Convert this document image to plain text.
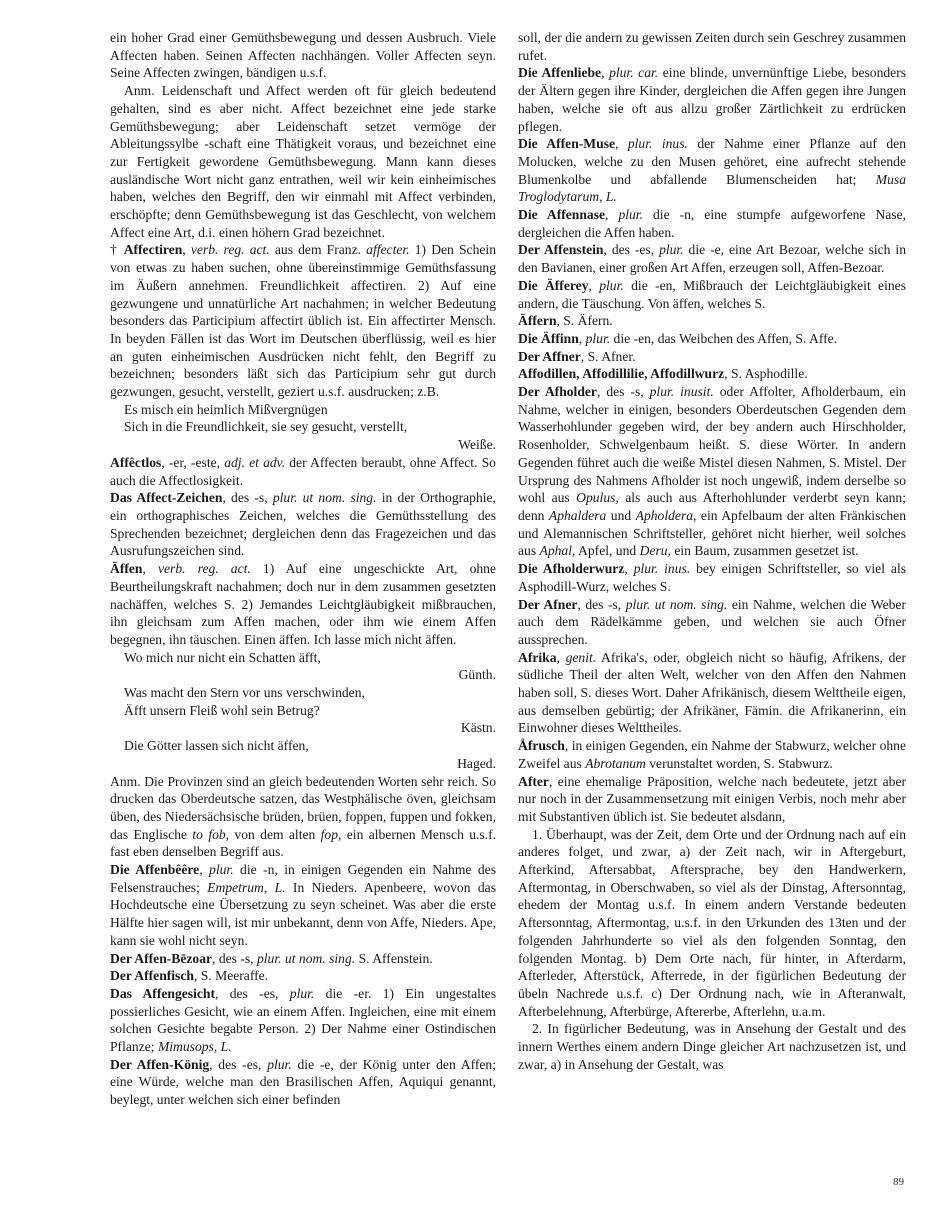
ein hoher Grad einer Gemüthsbewegung und dessen Ausbruch. Viele Affecten haben. Seinen Affecten nachhängen. Voller Affecten seyn. Seine Affecten zwingen, bändigen u.s.f.
Anm. Leidenschaft und Affect werden oft für gleich bedeutend gehalten, sind es aber nicht. Affect bezeichnet eine jede starke Gemüthsbewegung; aber Leidenschaft setzet vermöge der Ableitungssylbe -schaft eine Thätigkeit voraus, und bezeichnet eine zur Fertigkeit gewordene Gemüthsbewegung. Mann kann dieses ausländische Wort nicht ganz entrathen, weil wir kein einheimisches haben, welches den Begriff, den wir einmahl mit Affect verbinden, erschöpfte; denn Gemüthsbewegung ist das Geschlecht, von welchem Affect eine Art, d.i. einen höhern Grad bezeichnet.
† Affectiren, verb. reg. act. aus dem Franz. affecter. 1) Den Schein von etwas zu haben suchen, ohne übereinstimmige Gemüthsfassung im Äußern annehmen. Freundlichkeit affectiren. 2) Auf eine gezwungene und unnatürliche Art nachahmen; in welcher Bedeutung besonders das Participium affectirt üblich ist. Ein affectirter Mensch. In beyden Fällen ist das Wort im Deutschen überflüssig, weil es hier an guten einheimischen Ausdrücken nicht fehlt, den Begriff zu bezeichnen; besonders läßt sich das Participium sehr gut durch gezwungen, gesucht, verstellt, geziert u.s.f. ausdrucken; z.B.
Es misch ein heimlich Mißvergnügen
Sich in die Freundlichkeit, sie sey gesucht, verstellt,
Weiße.
Affêctlos, -er, -este, adj. et adv. der Affecten beraubt, ohne Affect. So auch die Affectlosigkeit.
Das Affect-Zeichen, des -s, plur. ut nom. sing. in der Orthographie, ein orthographisches Zeichen, welches die Gemüthsstellung des Sprechenden bezeichnet; dergleichen denn das Fragezeichen und das Ausrufungszeichen sind.
Äffen, verb. reg. act. 1) Auf eine ungeschickte Art, ohne Beurtheilungskraft nachahmen; doch nur in dem zusammen gesetzten nachäffen, welches S. 2) Jemandes Leichtgläubigkeit mißbrauchen, ihn gleichsam zum Affen machen, oder ihm wie einem Affen begegnen, ihn täuschen. Einen äffen. Ich lasse mich nicht äffen.
Wo mich nur nicht ein Schatten äfft,
Günth.
Was macht den Stern vor uns verschwinden,
Äfft unsern Fleiß wohl sein Betrug?
Kästn.
Die Götter lassen sich nicht äffen,
Haged.
Anm. Die Provinzen sind an gleich bedeutenden Worten sehr reich. So drucken das Oberdeutsche satzen, das Westphälische öven, gleichsam üben, des Niedersächsische brüden, brüen, foppen, fuppen und fokken, das Englische to fob, von dem alten fop, ein albernen Mensch u.s.f. fast eben denselben Begriff aus.
Die Affenbêêre, plur. die -n, in einigen Gegenden ein Nahme des Felsenstrauches; Empetrum, L. In Nieders. Apenbeere, wovon das Hochdeutsche eine Übersetzung zu seyn scheinet. Was aber die erste Hälfte hier sagen will, ist mir unbekannt, denn von Affe, Nieders. Ape, kann sie wohl nicht seyn.
Der Affen-Bēzoar, des -s, plur. ut nom. sing. S. Affenstein.
Der Affenfisch, S. Meeraffe.
Das Affengesicht, des -es, plur. die -er. 1) Ein ungestaltes possierliches Gesicht, wie an einem Affen. Ingleichen, eine mit einem solchen Gesichte begabte Person. 2) Der Nahme einer Ostindischen Pflanze; Mimusops, L.
Der Affen-König, des -es, plur. die -e, der König unter den Affen; eine Würde, welche man den Brasilischen Affen, Aquiqui genannt, beylegt, unter welchen sich einer befinden
soll, der die andern zu gewissen Zeiten durch sein Geschrey zusammen rufet.
Die Affenliebe, plur. car. eine blinde, unvernünftige Liebe, besonders der Ältern gegen ihre Kinder, dergleichen die Affen gegen ihre Jungen haben, welche sie oft aus allzu großer Zärtlichkeit zu erdrücken pflegen.
Die Affen-Muse, plur. inus. der Nahme einer Pflanze auf den Molucken, welche zu den Musen gehöret, eine aufrecht stehende Blumenkolbe und abfallende Blumenscheiden hat; Musa Troglodytarum, L.
Die Affennase, plur. die -n, eine stumpfe aufgeworfene Nase, dergleichen die Affen haben.
Der Affenstein, des -es, plur. die -e, eine Art Bezoar, welche sich in den Bavianen, einer großen Art Affen, erzeugen soll, Affen-Bezoar.
Die Äfferey, plur. die -en, Mißbrauch der Leichtgläubigkeit eines andern, die Täuschung. Von äffen, welches S.
Äffern, S. Äfern.
Die Äffinn, plur. die -en, das Weibchen des Affen, S. Affe.
Der Affner, S. Afner.
Affodillen, Affodillilie, Affodillwurz, S. Asphodille.
Der Afholder, des -s, plur. inusit. oder Affolter, Afholderbaum, ein Nahme, welcher in einigen, besonders Oberdeutschen Gegenden dem Wasserhohlunder gegeben wird, der bey andern auch Hirschholder, Rosenholder, Schwelgenbaum heißt. S. diese Wörter. In andern Gegenden führet auch die weiße Mistel diesen Nahmen, S. Mistel. Der Ursprung des Nahmens Afholder ist noch ungewiß, indem derselbe so wohl aus Opulus, als auch aus Afterhohlunder verderbt seyn kann; denn Aphaldera und Apholdera, ein Apfelbaum der alten Fränkischen und Alemannischen Schriftsteller, gehöret nicht hierher, weil solches aus Aphal, Apfel, und Deru, ein Baum, zusammen gesetzet ist.
Die Afholderwurz, plur. inus. bey einigen Schriftsteller, so viel als Asphodill-Wurz, welches S.
Der Afner, des -s, plur. ut nom. sing. ein Nahme, welchen die Weber auch dem Rädelkämme geben, und welchen sie auch Öfner aussprechen.
Afrika, genit. Afrika's, oder, obgleich nicht so häufig, Afrikens, der südliche Theil der alten Welt, welcher von den Affen den Nahmen haben soll, S. dieses Wort. Daher Afrikänisch, diesem Welttheile eigen, aus demselben gebürtig; der Afrikäner, Fämin. die Afrikanerinn, ein Einwohner dieses Welttheiles.
Åfrusch, in einigen Gegenden, ein Nahme der Stabwurz, welcher ohne Zweifel aus Abrotanum verunstaltet worden, S. Stabwurz.
After, eine ehemalige Präposition, welche nach bedeutete, jetzt aber nur noch in der Zusammensetzung mit einigen Verbis, noch mehr aber mit Substantiven üblich ist. Sie bedeutet alsdann,
1. Überhaupt, was der Zeit, dem Orte und der Ordnung nach auf ein anderes folget, und zwar, a) der Zeit nach, wir in Aftergeburt, Afterkind, Aftersabbat, Aftersprache, bey den Handwerkern, Aftermontag, in Oberschwaben, so viel als der Dinstag, Aftersonntag, ehedem der Montag u.s.f. In einem andern Verstande bedeuten Aftersonntag, Aftermontag, u.s.f. in den Urkunden des 13ten und der folgenden Jahrhunderte so viel als den folgenden Sonntag, den folgenden Montag. b) Dem Orte nach, für hinter, in Afterdarm, Afterleder, Afterstück, Afterrede, in der figürlichen Bedeutung der übeln Nachrede u.s.f. c) Der Ordnung nach, wie in Afteranwalt, Afterbelehnung, Afterbürge, Aftererbe, Afterlehn, u.a.m.
2. In figürlicher Bedeutung, was in Ansehung der Gestalt und des innern Werthes einem andern Dinge gleicher Art nachzusetzen ist, und zwar, a) in Ansehung der Gestalt, was
89
